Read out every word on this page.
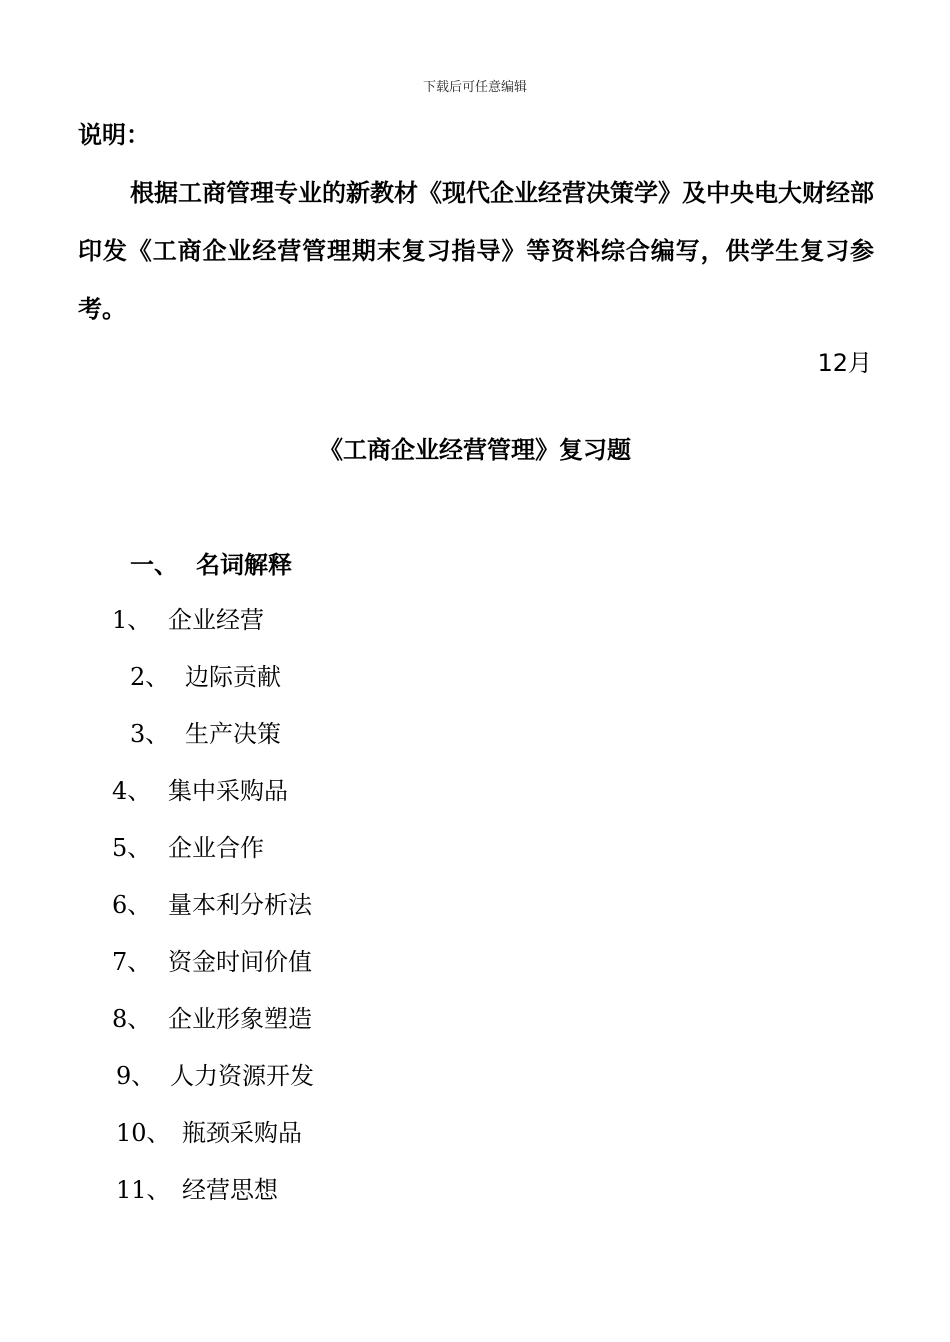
下载后可任意编辑
说明：

根据工商管理专业的新教材《现代企业经营决策学》及中央电大财经部印发《工商企业经营管理期末复习指导》等资料综合编写，供学生复习参考。

12月
《工商企业经营管理》复习题
一、 名词解释
1、 企业经营
2、 边际贡献
3、 生产决策
4、 集中采购品
5、 企业合作
6、 量本利分析法
7、 资金时间价值
8、 企业形象塑造
9、 人力资源开发
10、 瓶颈采购品
11、 经营思想
